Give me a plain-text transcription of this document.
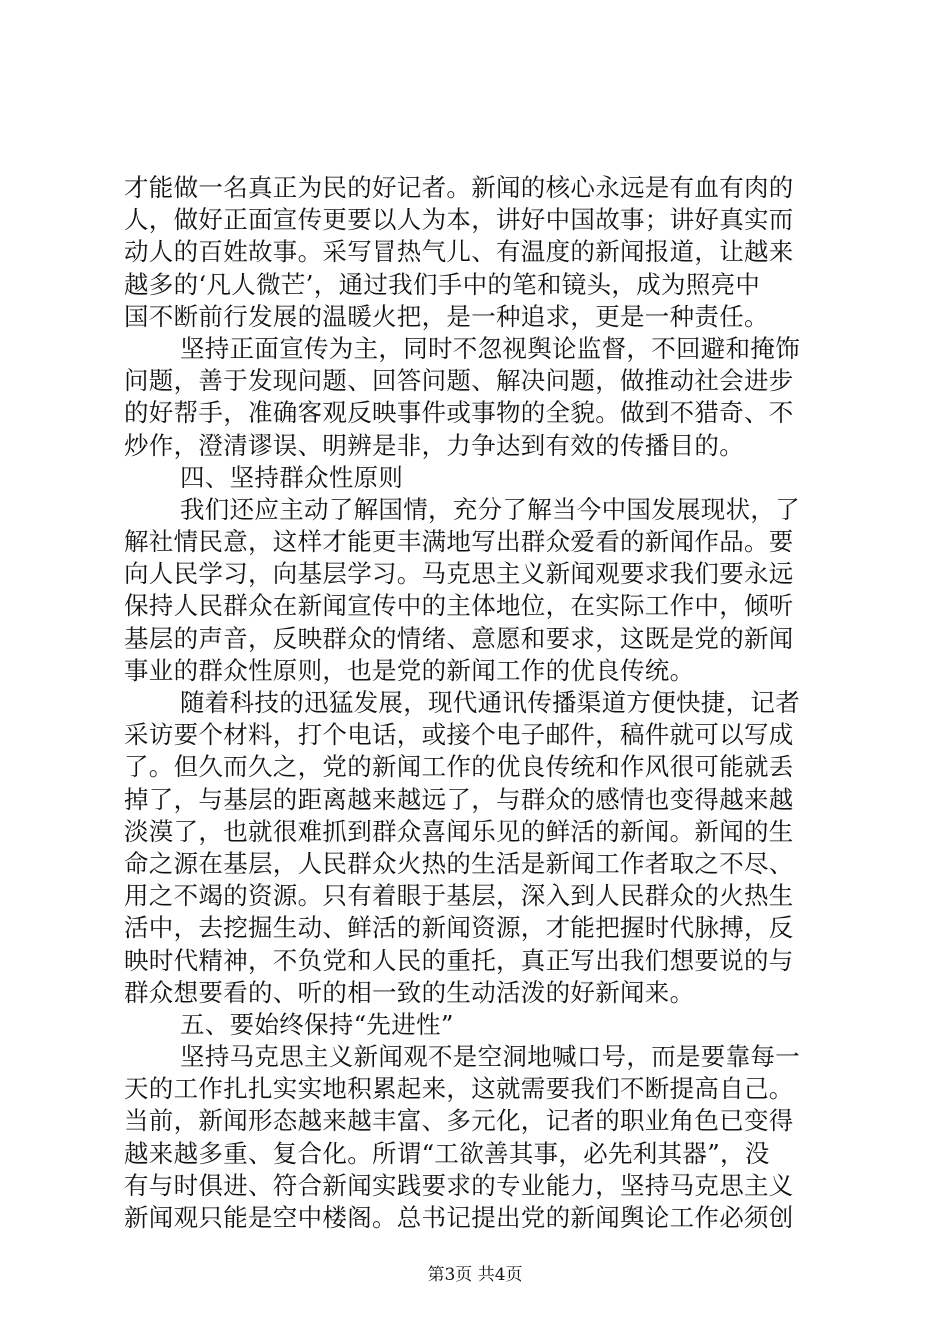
才能做一名真正为民的好记者。新闻的核心永远是有血有肉的
人，做好正面宣传更要以人为本，讲好中国故事；讲好真实而
动人的百姓故事。采写冒热气儿、有温度的新闻报道，让越来
越多的‘凡人微芒’，通过我们手中的笔和镜头，成为照亮中
国不断前行发展的温暖火把，是一种追求，更是一种责任。
坚持正面宣传为主，同时不忽视舆论监督，不回避和掩饰
问题，善于发现问题、回答问题、解决问题，做推动社会进步
的好帮手，准确客观反映事件或事物的全貌。做到不猎奇、不
炒作，澄清谬误、明辨是非，力争达到有效的传播目的。
四、坚持群众性原则
我们还应主动了解国情，充分了解当今中国发展现状，了
解社情民意，这样才能更丰满地写出群众爱看的新闻作品。要
向人民学习，向基层学习。马克思主义新闻观要求我们要永远
保持人民群众在新闻宣传中的主体地位，在实际工作中，倾听
基层的声音，反映群众的情绪、意愿和要求，这既是党的新闻
事业的群众性原则，也是党的新闻工作的优良传统。
随着科技的迅猛发展，现代通讯传播渠道方便快捷，记者
采访要个材料，打个电话，或接个电子邮件，稿件就可以写成
了。但久而久之，党的新闻工作的优良传统和作风很可能就丢
掉了，与基层的距离越来越远了，与群众的感情也变得越来越
淡漠了，也就很难抓到群众喜闻乐见的鲜活的新闻。新闻的生
命之源在基层，人民群众火热的生活是新闻工作者取之不尽、
用之不竭的资源。只有着眼于基层，深入到人民群众的火热生
活中，去挖掘生动、鲜活的新闻资源，才能把握时代脉搏，反
映时代精神，不负党和人民的重托，真正写出我们想要说的与
群众想要看的、听的相一致的生动活泼的好新闻来。
五、要始终保持“先进性”
坚持马克思主义新闻观不是空洞地喊口号，而是要靠每一
天的工作扎扎实实地积累起来，这就需要我们不断提高自己。
当前，新闻形态越来越丰富、多元化，记者的职业角色已变得
越来越多重、复合化。所谓“工欲善其事，必先利其器”，没
有与时俱进、符合新闻实践要求的专业能力，坚持马克思主义
新闻观只能是空中楼阁。总书记提出党的新闻舆论工作必须创
第3页 共4页
